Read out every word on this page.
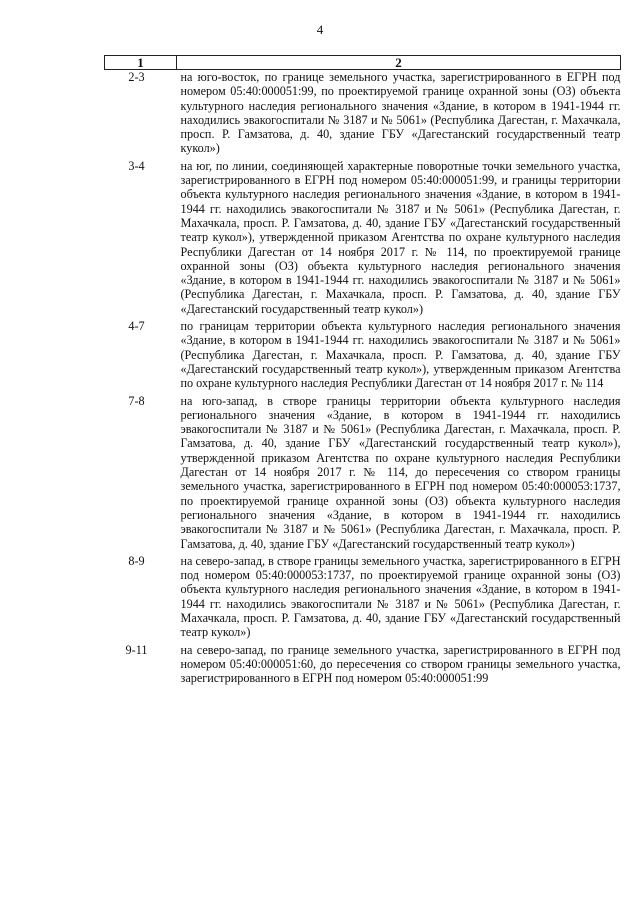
4
1	2
2-3	на юго-восток, по границе земельного участка, зарегистрированного в ЕГРН под номером 05:40:000051:99, по проектируемой границе охранной зоны (ОЗ) объекта культурного наследия регионального значения «Здание, в котором в 1941-1944 гг. находились эвакогоспитали № 3187 и № 5061» (Республика Дагестан, г. Махачкала, просп. Р. Гамзатова, д. 40, здание ГБУ «Дагестанский государственный театр кукол»)
3-4	на юг, по линии, соединяющей характерные поворотные точки земельного участка, зарегистрированного в ЕГРН под номером 05:40:000051:99, и границы территории объекта культурного наследия регионального значения «Здание, в котором в 1941-1944 гг. находились эвакогоспитали № 3187 и № 5061» (Республика Дагестан, г. Махачкала, просп. Р. Гамзатова, д. 40, здание ГБУ «Дагестанский государственный театр кукол»), утвержденной приказом Агентства по охране культурного наследия Республики Дагестан от 14 ноября 2017 г. № 114, по проектируемой границе охранной зоны (ОЗ) объекта культурного наследия регионального значения «Здание, в котором в 1941-1944 гг. находились эвакогоспитали № 3187 и № 5061» (Республика Дагестан, г. Махачкала, просп. Р. Гамзатова, д. 40, здание ГБУ «Дагестанский государственный театр кукол»)
4-7	по границам территории объекта культурного наследия регионального значения «Здание, в котором в 1941-1944 гг. находились эвакогоспитали № 3187 и № 5061» (Республика Дагестан, г. Махачкала, просп. Р. Гамзатова, д. 40, здание ГБУ «Дагестанский государственный театр кукол»), утвержденным приказом Агентства по охране культурного наследия Республики Дагестан от 14 ноября 2017 г. № 114
7-8	на юго-запад, в створе границы территории объекта культурного наследия регионального значения «Здание, в котором в 1941-1944 гг. находились эвакогоспитали № 3187 и № 5061» (Республика Дагестан, г. Махачкала, просп. Р. Гамзатова, д. 40, здание ГБУ «Дагестанский государственный театр кукол»), утвержденной приказом Агентства по охране культурного наследия Республики Дагестан от 14 ноября 2017 г. № 114, до пересечения со створом границы земельного участка, зарегистрированного в ЕГРН под номером 05:40:000053:1737, по проектируемой границе охранной зоны (ОЗ) объекта культурного наследия регионального значения «Здание, в котором в 1941-1944 гг. находились эвакогоспитали № 3187 и № 5061» (Республика Дагестан, г. Махачкала, просп. Р. Гамзатова, д. 40, здание ГБУ «Дагестанский государственный театр кукол»)
8-9	на северо-запад, в створе границы земельного участка, зарегистрированного в ЕГРН под номером 05:40:000053:1737, по проектируемой границе охранной зоны (ОЗ) объекта культурного наследия регионального значения «Здание, в котором в 1941-1944 гг. находились эвакогоспитали № 3187 и № 5061» (Республика Дагестан, г. Махачкала, просп. Р. Гамзатова, д. 40, здание ГБУ «Дагестанский государственный театр кукол»)
9-11	на северо-запад, по границе земельного участка, зарегистрированного в ЕГРН под номером 05:40:000051:60, до пересечения со створом границы земельного участка, зарегистрированного в ЕГРН под номером 05:40:000051:99
